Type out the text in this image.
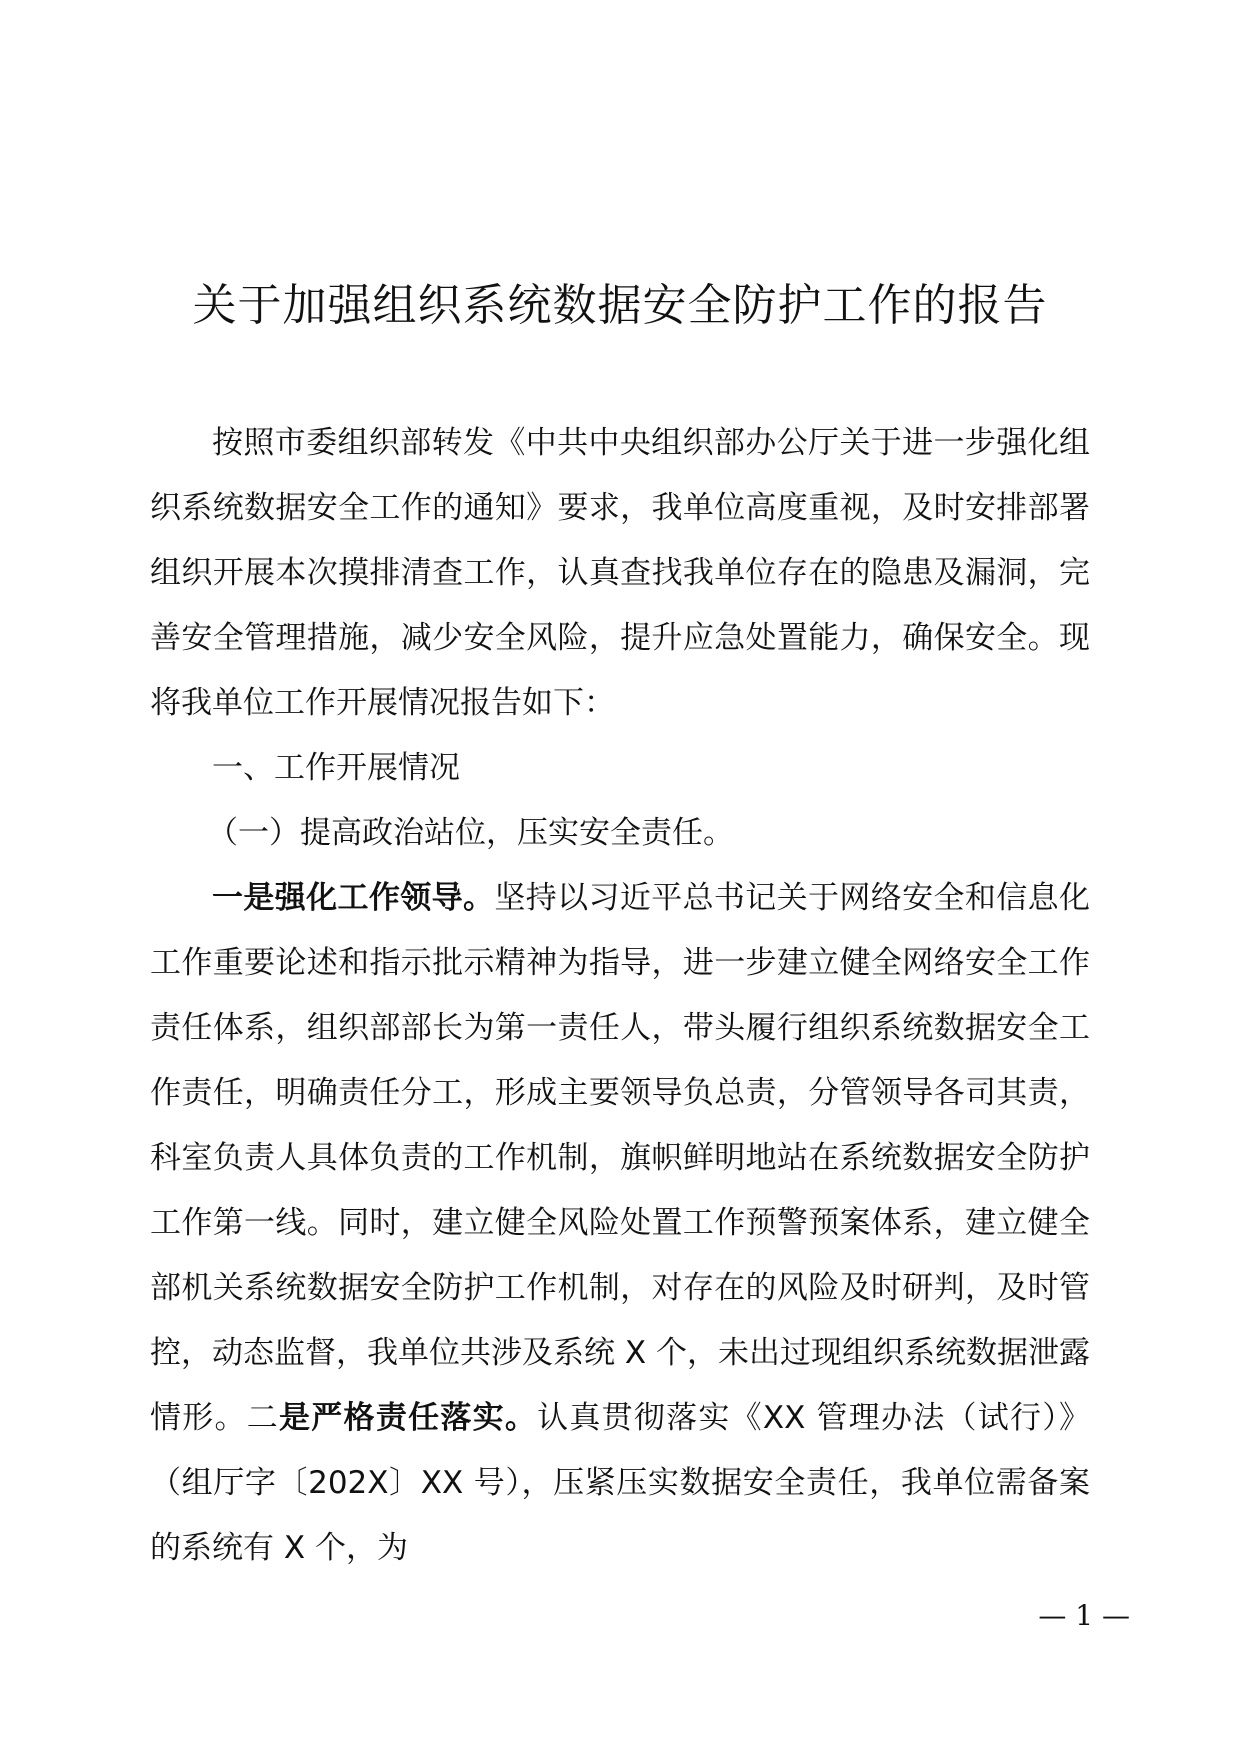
关于加强组织系统数据安全防护工作的报告

按照市委组织部转发《中共中央组织部办公厅关于进一步强化组织系统数据安全工作的通知》要求，我单位高度重视，及时安排部署组织开展本次摸排清查工作，认真查找我单位存在的隐患及漏洞，完善安全管理措施，减少安全风险，提升应急处置能力，确保安全。现将我单位工作开展情况报告如下：

一、工作开展情况

（一）提高政治站位，压实安全责任。

一是强化工作领导。坚持以习近平总书记关于网络安全和信息化工作重要论述和指示批示精神为指导，进一步建立健全网络安全工作责任体系，组织部部长为第一责任人，带头履行组织系统数据安全工作责任，明确责任分工，形成主要领导负总责，分管领导各司其责，科室负责人具体负责的工作机制，旗帜鲜明地站在系统数据安全防护工作第一线。同时，建立健全风险处置工作预警预案体系，建立健全部机关系统数据安全防护工作机制，对存在的风险及时研判，及时管控，动态监督，我单位共涉及系统 X 个，未出过现组织系统数据泄露情形。二是严格责任落实。认真贯彻落实《XX 管理办法（试行）》（组厅字〔202X〕XX 号），压紧压实数据安全责任，我单位需备案的系统有 X 个，为

— 1 —
